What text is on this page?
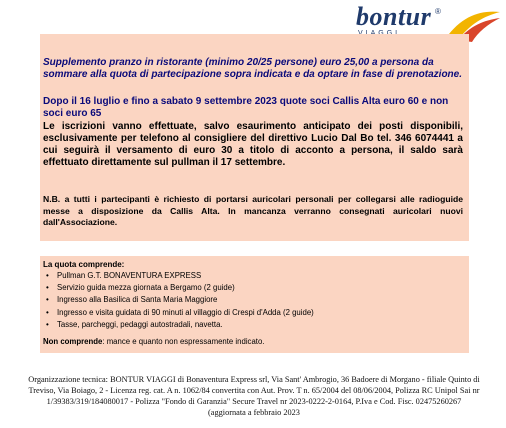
bontur ®

Supplemento pranzo in ristorante (minimo 20/25 persone) euro 25,00 a persona da sommare alla quota di partecipazione sopra indicata e da optare in fase di prenotazione.

Dopo il 16 luglio e fino a sabato 9 settembre 2023 quote soci Callis Alta euro 60 e non soci euro 65

Le iscrizioni vanno effettuate, salvo esaurimento anticipato dei posti disponibili, esclusivamente per telefono al consigliere del direttivo Lucio Dal Bo tel. 346 6074441 a cui seguirà il versamento di euro 30 a titolo di acconto a persona, il saldo sarà effettuato direttamente sul pullman il 17 settembre.

N.B. a tutti i partecipanti è richiesto di portarsi auricolari personali per collegarsi alle radioguide messe a disposizione da Callis Alta. In mancanza verranno consegnati auricolari nuovi dall'Associazione.

La quota comprende:

• Pullman G.T. BONAVENTURA EXPRESS
• Servizio guida mezza giornata a Bergamo (2 guide)
• Ingresso alla Basilica di Santa Maria Maggiore
• Ingresso e visita guidata di 90 minuti al villaggio di Crespi d'Adda (2 guide)
• Tasse, parcheggi, pedaggi autostradali, navetta.

Non comprende: mance e quanto non espressamente indicato.

Organizzazione tecnica: BONTUR VIAGGI di Bonaventura Express srl, Via Sant' Ambrogio, 36 Badoere di Morgano - filiale Quinto di Treviso, Via Boiago, 2 - Licenza reg. cat. A n. 1062/84 convertita con Aut. Prov. T n. 65/2004 del 08/06/2004, Polizza RC Unipol Sai nr 1/39383/319/184080017 - Polizza "Fondo di Garanzia" Secure Travel nr 2023-0222-2-0164, P.Iva e Cod. Fisc. 02475260267 (aggiornata a febbraio 2023
